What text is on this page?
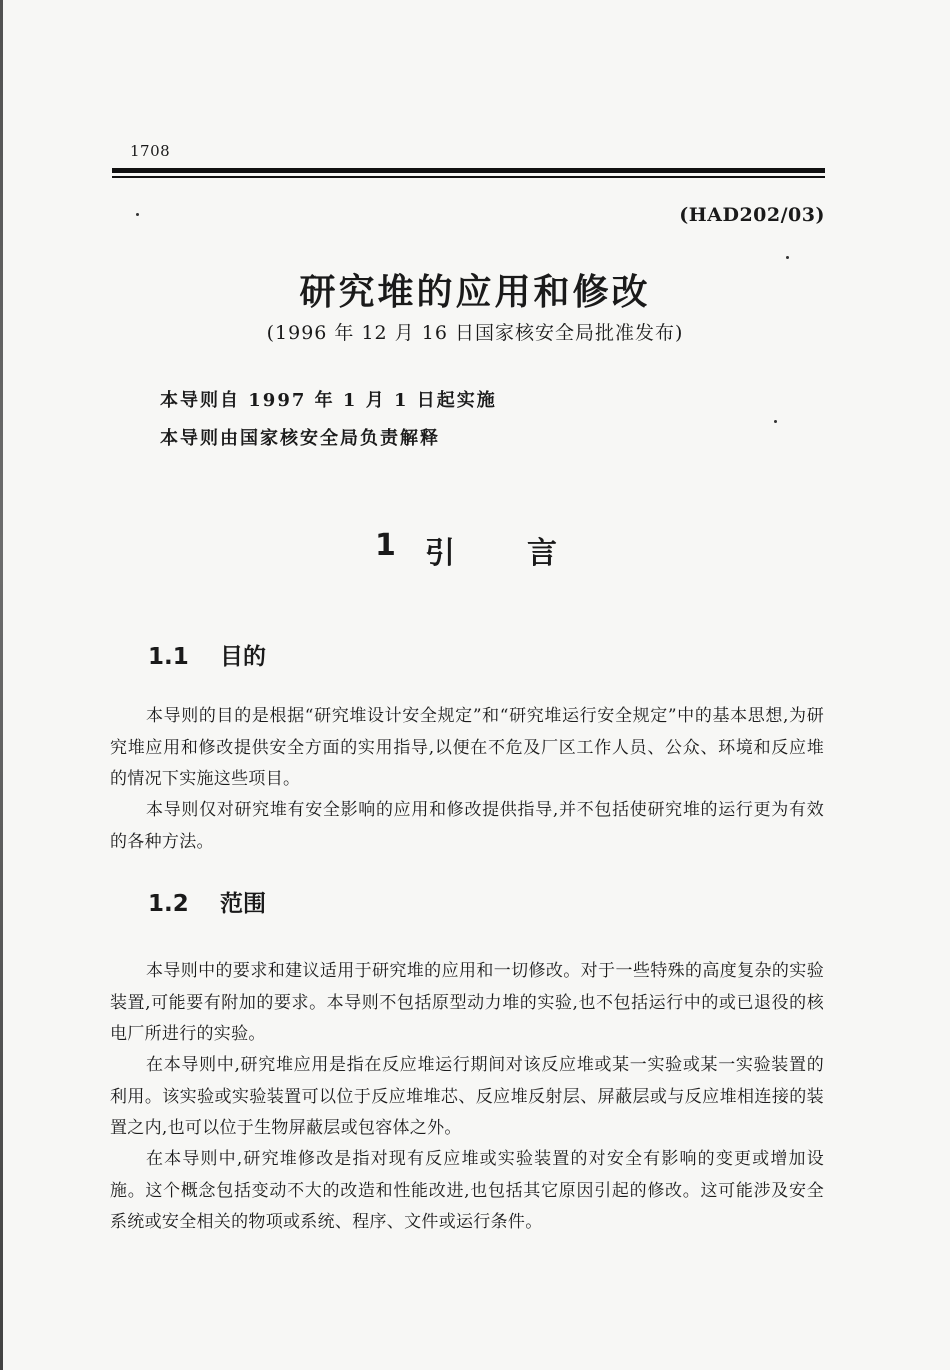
1708
(HAD202/03)
研究堆的应用和修改
(1996 年 12 月 16 日国家核安全局批准发布)
本导则自 1997 年 1 月 1 日起实施
本导则由国家核安全局负责解释
1 引 言
1.1 目的

本导则的目的是根据“研究堆设计安全规定”和“研究堆运行安全规定”中的基本思想,为研究堆应用和修改提供安全方面的实用指导,以便在不危及厂区工作人员、公众、环境和反应堆的情况下实施这些项目。

本导则仅对研究堆有安全影响的应用和修改提供指导,并不包括使研究堆的运行更为有效的各种方法。

1.2 范围

本导则中的要求和建议适用于研究堆的应用和一切修改。对于一些特殊的高度复杂的实验装置,可能要有附加的要求。本导则不包括原型动力堆的实验,也不包括运行中的或已退役的核电厂所进行的实验。

在本导则中,研究堆应用是指在反应堆运行期间对该反应堆或某一实验或某一实验装置的利用。该实验或实验装置可以位于反应堆堆芯、反应堆反射层、屏蔽层或与反应堆相连接的装置之内,也可以位于生物屏蔽层或包容体之外。

在本导则中,研究堆修改是指对现有反应堆或实验装置的对安全有影响的变更或增加设施。这个概念包括变动不大的改造和性能改进,也包括其它原因引起的修改。这可能涉及安全系统或安全相关的物项或系统、程序、文件或运行条件。
